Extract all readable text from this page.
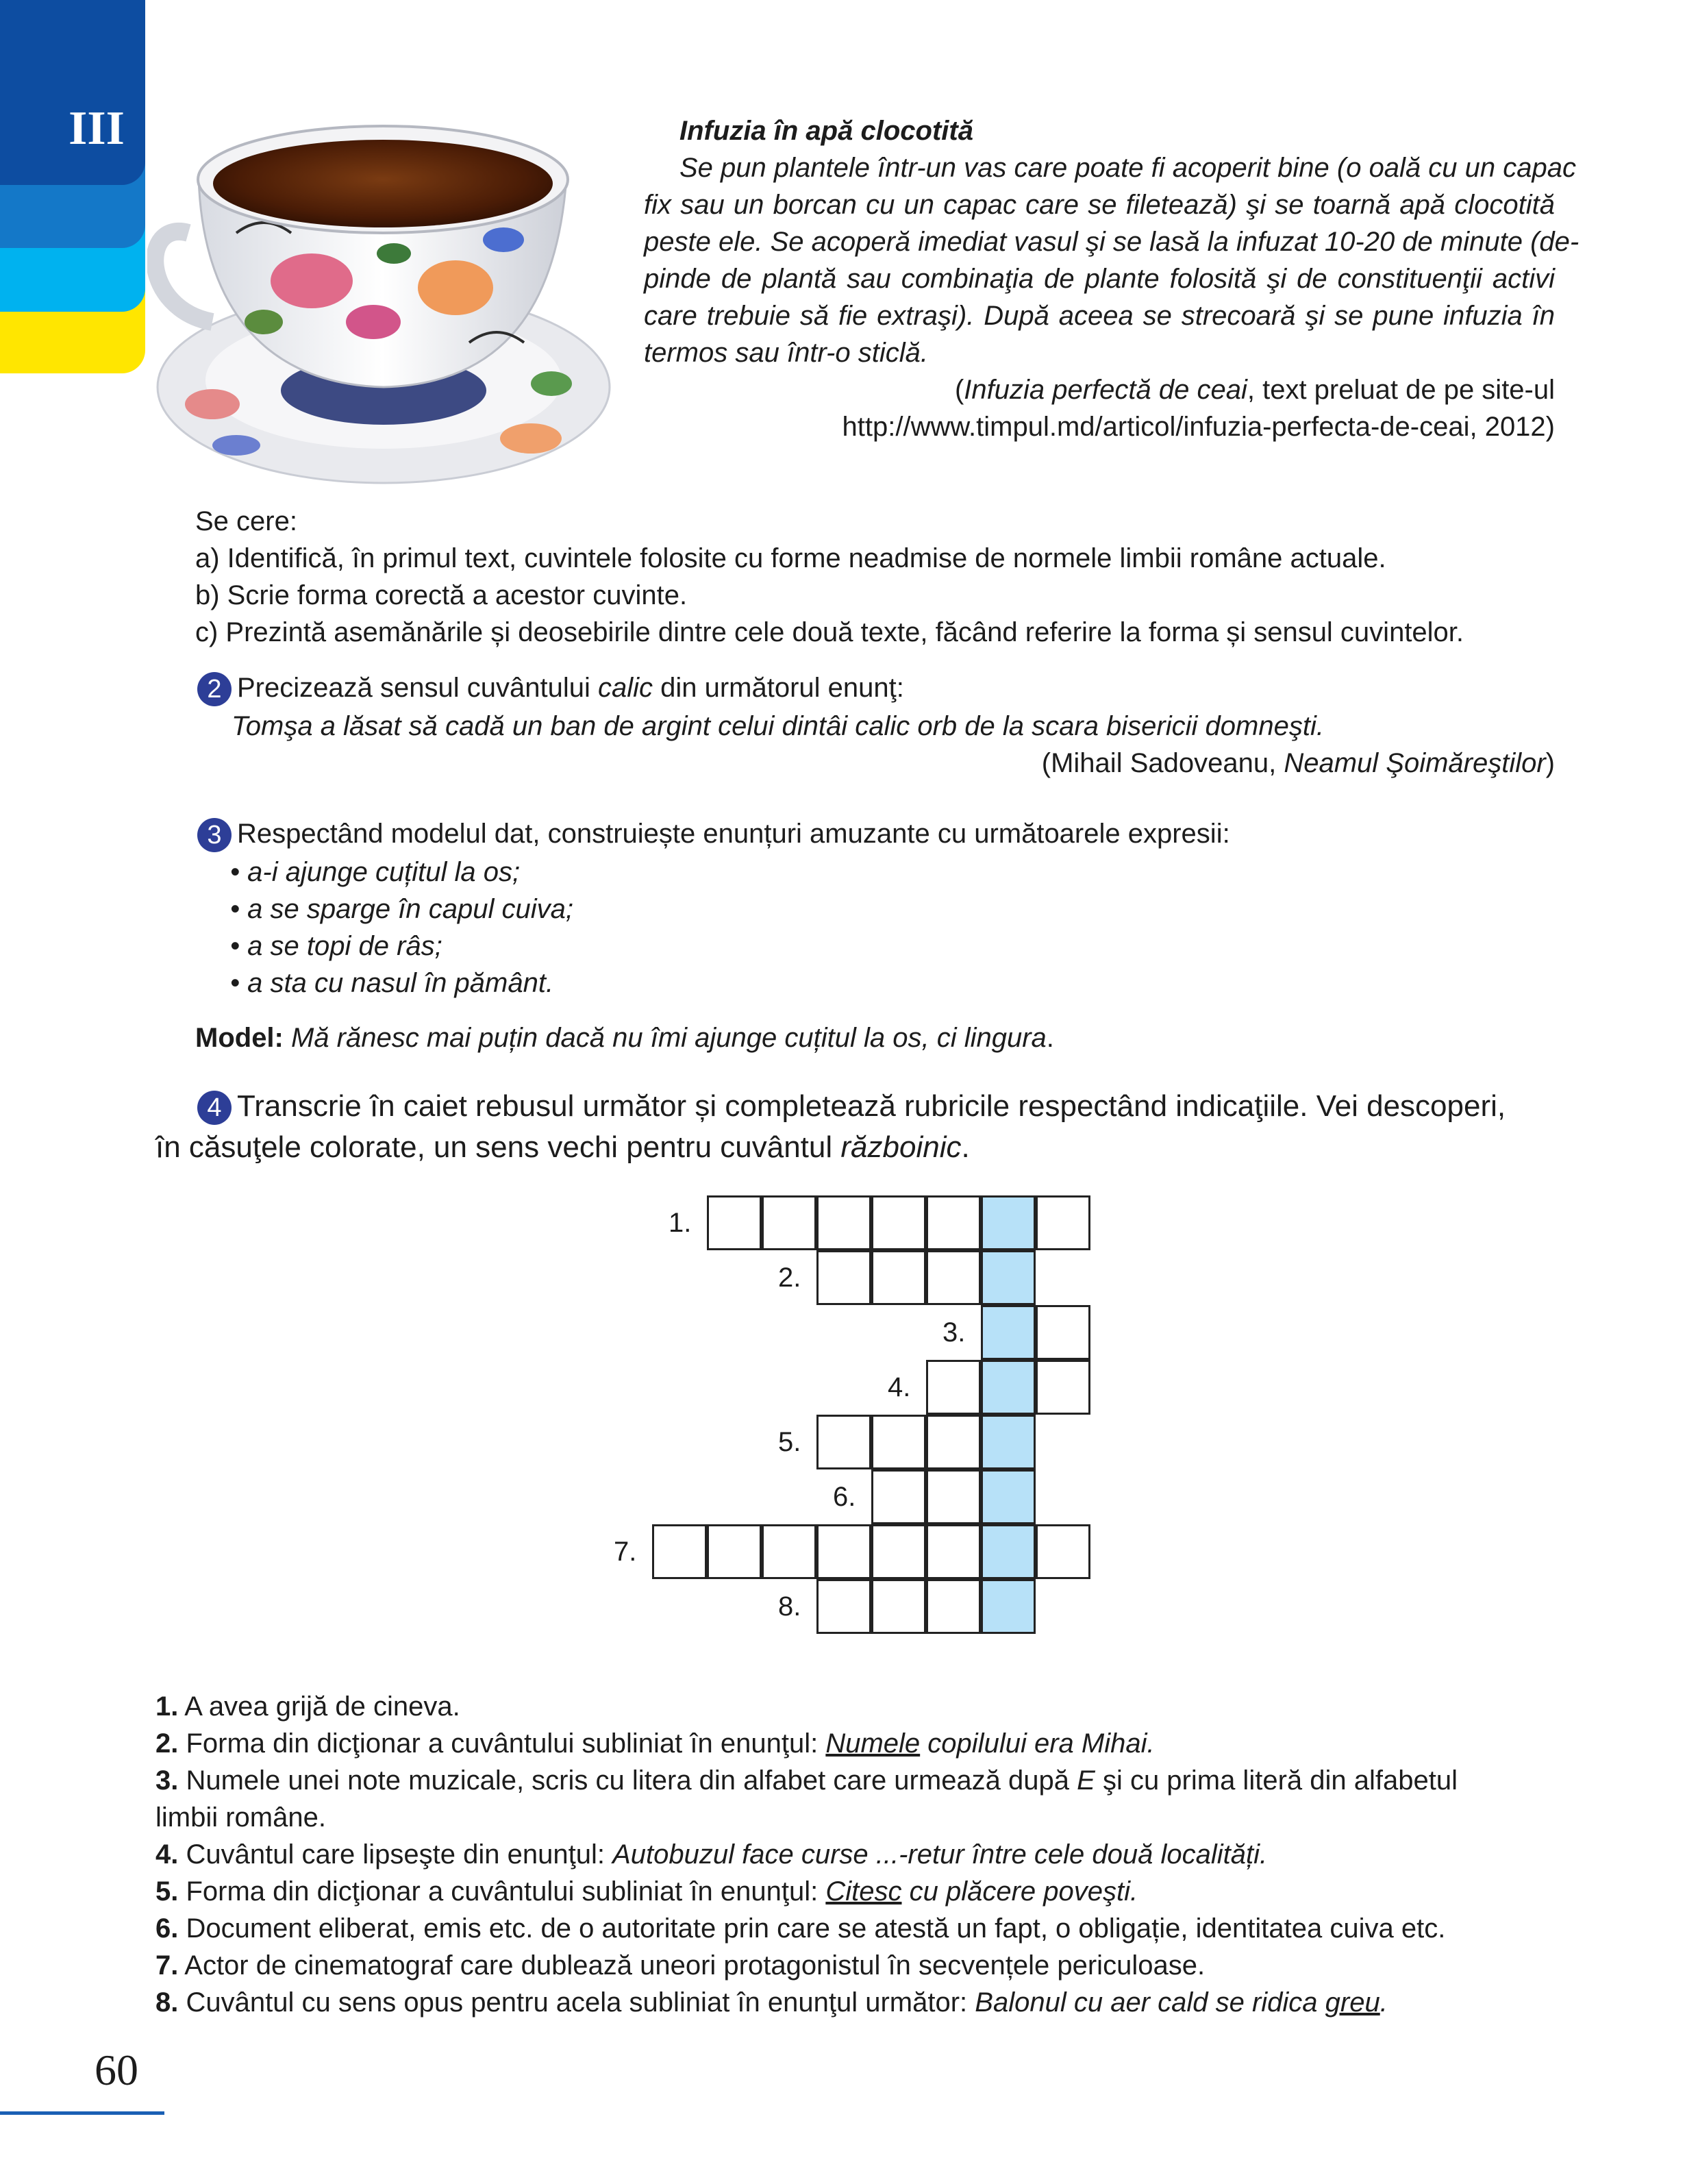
III	Infuzia în apă clocotită
Se pun plantele într-un vas care poate fi acoperit bine (o oală cu un capac
fix sau un borcan cu un capac care se filetează) şi se toarnă apă clocotită
peste ele. Se acoperă imediat vasul şi se lasă la infuzat 10-20 de minute (de-
pinde de plantă sau combinaţia de plante folosită şi de constituenţii activi
care trebuie să fie extraşi). După aceea se strecoară şi se pune infuzia în
termos sau într-o sticlă.
(Infuzia perfectă de ceai, text preluat de pe site-ul
http://www.timpul.md/articol/infuzia-perfecta-de-ceai, 2012)
Se cere:
a) Identifică, în primul text, cuvintele folosite cu forme neadmise de normele limbii române actuale.
b) Scrie forma corectă a acestor cuvinte.
c) Prezintă asemănările și deosebirile dintre cele două texte, făcând referire la forma și sensul cuvintelor.
2 Precizează sensul cuvântului calic din următorul enunţ:
Tomşa a lăsat să cadă un ban de argint celui dintâi calic orb de la scara bisericii domneşti.
(Mihail Sadoveanu, Neamul Şoimăreştilor)
3 Respectând modelul dat, construiește enunțuri amuzante cu următoarele expresii:
• a-i ajunge cuțitul la os;
• a se sparge în capul cuiva;
• a se topi de râs;
• a sta cu nasul în pământ.
Model: Mă rănesc mai puțin dacă nu îmi ajunge cuțitul la os, ci lingura.
4 Transcrie în caiet rebusul următor și completează rubricile respectând indicaţiile. Vei descoperi,
în căsuţele colorate, un sens vechi pentru cuvântul războinic.
1.
2.
3.
4.
5.
6.
7.
8.
1. A avea grijă de cineva.
2. Forma din dicţionar a cuvântului subliniat în enunţul: Numele copilului era Mihai.
3. Numele unei note muzicale, scris cu litera din alfabet care urmează după E şi cu prima literă din alfabetul
limbii române.
4. Cuvântul care lipseşte din enunţul: Autobuzul face curse ...-retur între cele două localități.
5. Forma din dicţionar a cuvântului subliniat în enunţul: Citesc cu plăcere poveşti.
6. Document eliberat, emis etc. de o autoritate prin care se atestă un fapt, o obligație, identitatea cuiva etc.
7. Actor de cinematograf care dublează uneori protagonistul în secvențele periculoase.
8. Cuvântul cu sens opus pentru acela subliniat în enunţul următor: Balonul cu aer cald se ridica greu.
60
